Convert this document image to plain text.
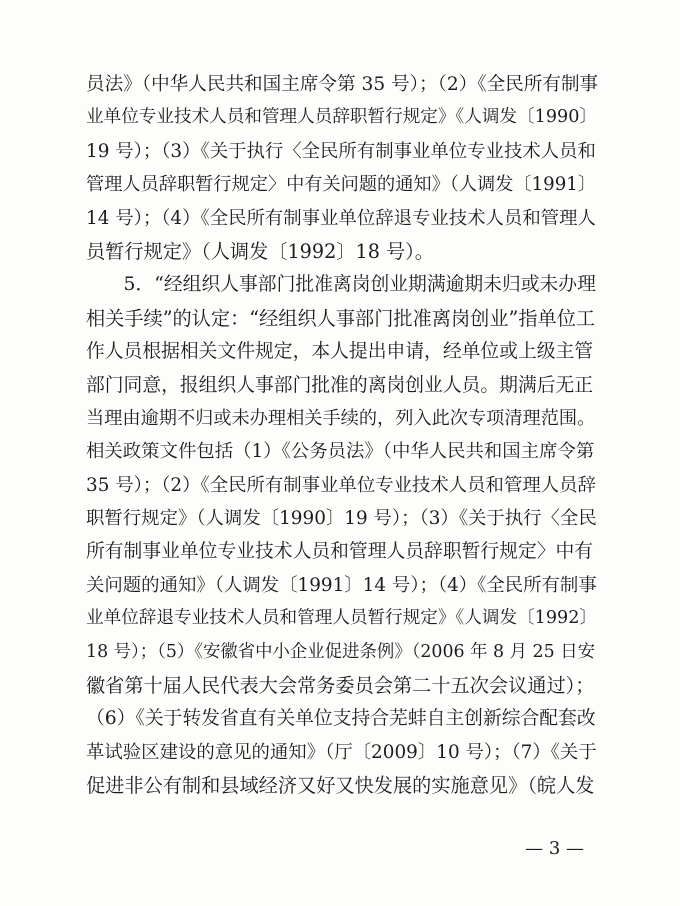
员法》（中华人民共和国主席令第 35 号）；（2）《全民所有制事
业单位专业技术人员和管理人员辞职暂行规定》《人调发〔1990〕
19 号）；（3）《关于执行〈全民所有制事业单位专业技术人员和
管理人员辞职暂行规定〉中有关问题的通知》（人调发〔1991〕
14 号）；（4）《全民所有制事业单位辞退专业技术人员和管理人
员暂行规定》（人调发〔1992〕18 号）。
　　5．“经组织人事部门批准离岗创业期满逾期未归或未办理
相关手续”的认定：“经组织人事部门批准离岗创业”指单位工
作人员根据相关文件规定，本人提出申请，经单位或上级主管
部门同意，报组织人事部门批准的离岗创业人员。期满后无正
当理由逾期不归或未办理相关手续的，列入此次专项清理范围。
相关政策文件包括（1）《公务员法》（中华人民共和国主席令第
35 号）；（2）《全民所有制事业单位专业技术人员和管理人员辞
职暂行规定》（人调发〔1990〕19 号）；（3）《关于执行〈全民
所有制事业单位专业技术人员和管理人员辞职暂行规定〉中有
关问题的通知》（人调发〔1991〕14 号）；（4）《全民所有制事
业单位辞退专业技术人员和管理人员暂行规定》《人调发〔1992〕
18 号）；（5）《安徽省中小企业促进条例》（2006 年 8 月 25 日安
徽省第十届人民代表大会常务委员会第二十五次会议通过）；
（6）《关于转发省直有关单位支持合芜蚌自主创新综合配套改
革试验区建设的意见的通知》（厅〔2009〕10 号）；（7）《关于
促进非公有制和县域经济又好又快发展的实施意见》（皖人发
— 3 —
